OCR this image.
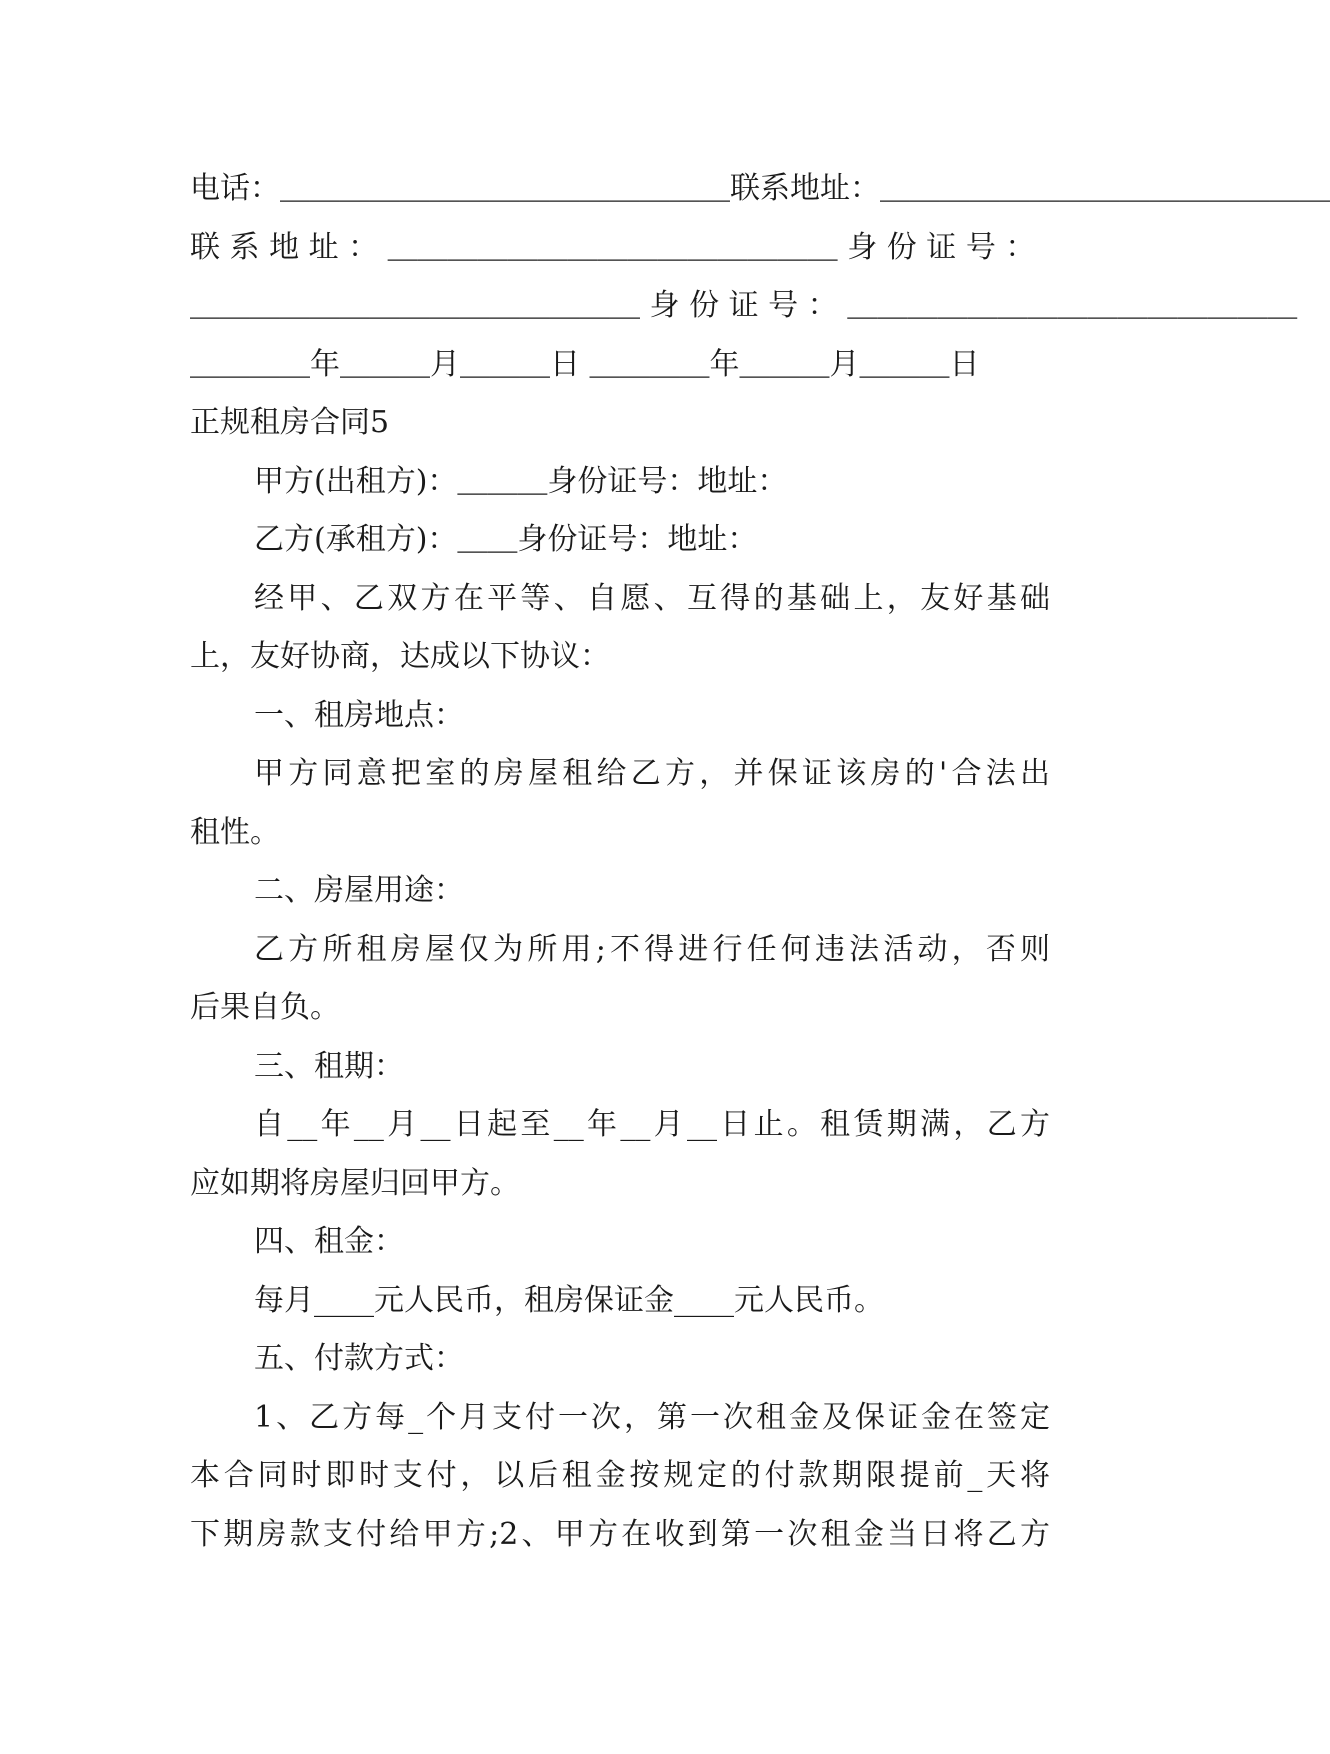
电话：＿＿＿＿＿＿＿＿＿＿＿＿＿＿＿联系地址：＿＿＿＿＿＿＿＿＿＿＿＿＿＿＿
联 系 地 址 ： ＿＿＿＿＿＿＿＿＿＿＿＿＿＿＿ 身 份 证 号 ：
＿＿＿＿＿＿＿＿＿＿＿＿＿＿＿ 身 份 证 号 ： ＿＿＿＿＿＿＿＿＿＿＿＿＿＿＿
＿＿＿＿年＿＿＿月＿＿＿日 ＿＿＿＿年＿＿＿月＿＿＿日
正规租房合同5
甲方(出租方)：＿＿＿身份证号：地址：
乙方(承租方)：＿＿身份证号：地址：
经甲、乙双方在平等、自愿、互得的基础上，友好基础
上，友好协商，达成以下协议：
一、租房地点：
甲方同意把室的房屋租给乙方，并保证该房的'合法出
租性。
二、房屋用途：
乙方所租房屋仅为所用;不得进行任何违法活动，否则
后果自负。
三、租期：
自__年__月__日起至__年__月__日止。租赁期满，乙方
应如期将房屋归回甲方。
四、租金：
每月____元人民币，租房保证金____元人民币。
五、付款方式：
1、乙方每_个月支付一次，第一次租金及保证金在签定
本合同时即时支付，以后租金按规定的付款期限提前_天将
下期房款支付给甲方;2、甲方在收到第一次租金当日将乙方
